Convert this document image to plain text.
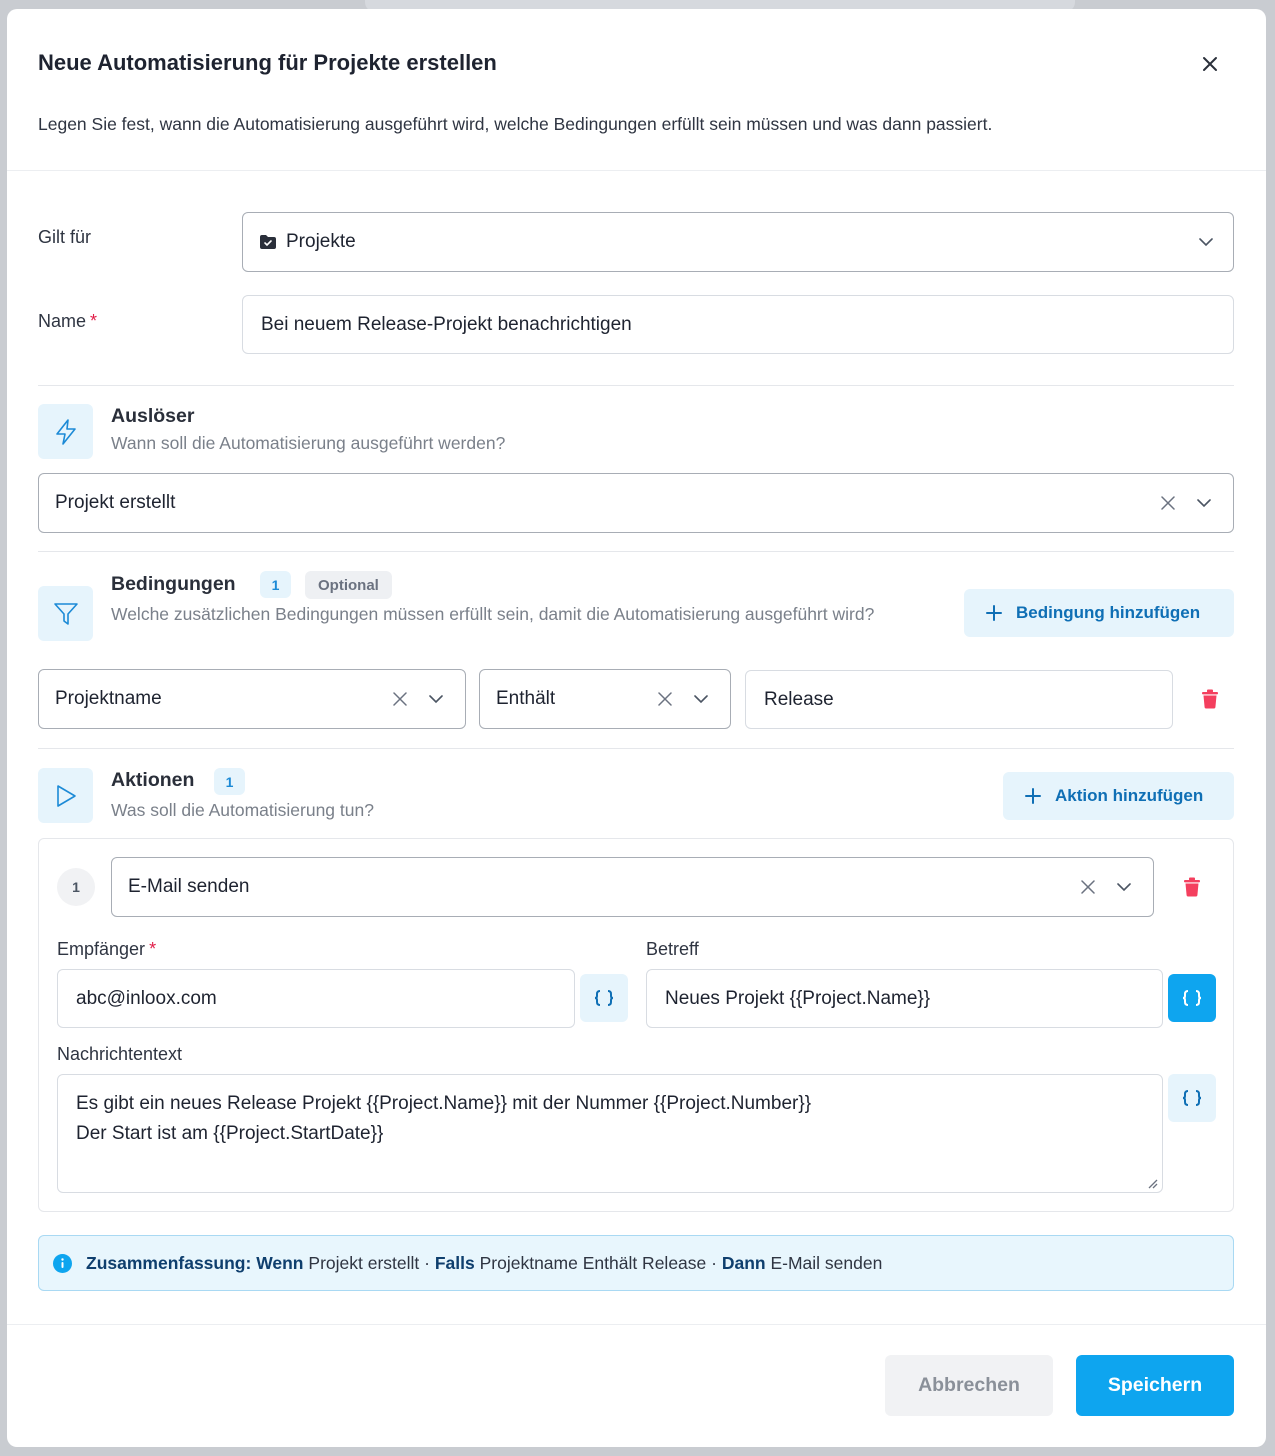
Neue Automatisierung für Projekte erstellen
Legen Sie fest, wann die Automatisierung ausgeführt wird, welche Bedingungen erfüllt sein müssen und was dann passiert.
Gilt für	Projekte
Name *	Bei neuem Release-Projekt benachrichtigen
Auslöser
Wann soll die Automatisierung ausgeführt werden?
Projekt erstellt
Bedingungen	1	Optional
Welche zusätzlichen Bedingungen müssen erfüllt sein, damit die Automatisierung ausgeführt wird?	Bedingung hinzufügen
Projektname	Enthält	Release
Aktionen	1
Was soll die Automatisierung tun?
Aktion hinzufügen
1	E-Mail senden
Empfänger *
abc@inloox.com
Betreff
Neues Projekt {{Project.Name}}
Nachrichtentext
Es gibt ein neues Release Projekt {{Project.Name}} mit der Nummer {{Project.Number}}
Der Start ist am {{Project.StartDate}}
Zusammenfassung:
Wenn
Projekt erstellt
·
Falls
Projektname Enthält Release
·
Dann
E-Mail senden
Abbrechen	Speichern
